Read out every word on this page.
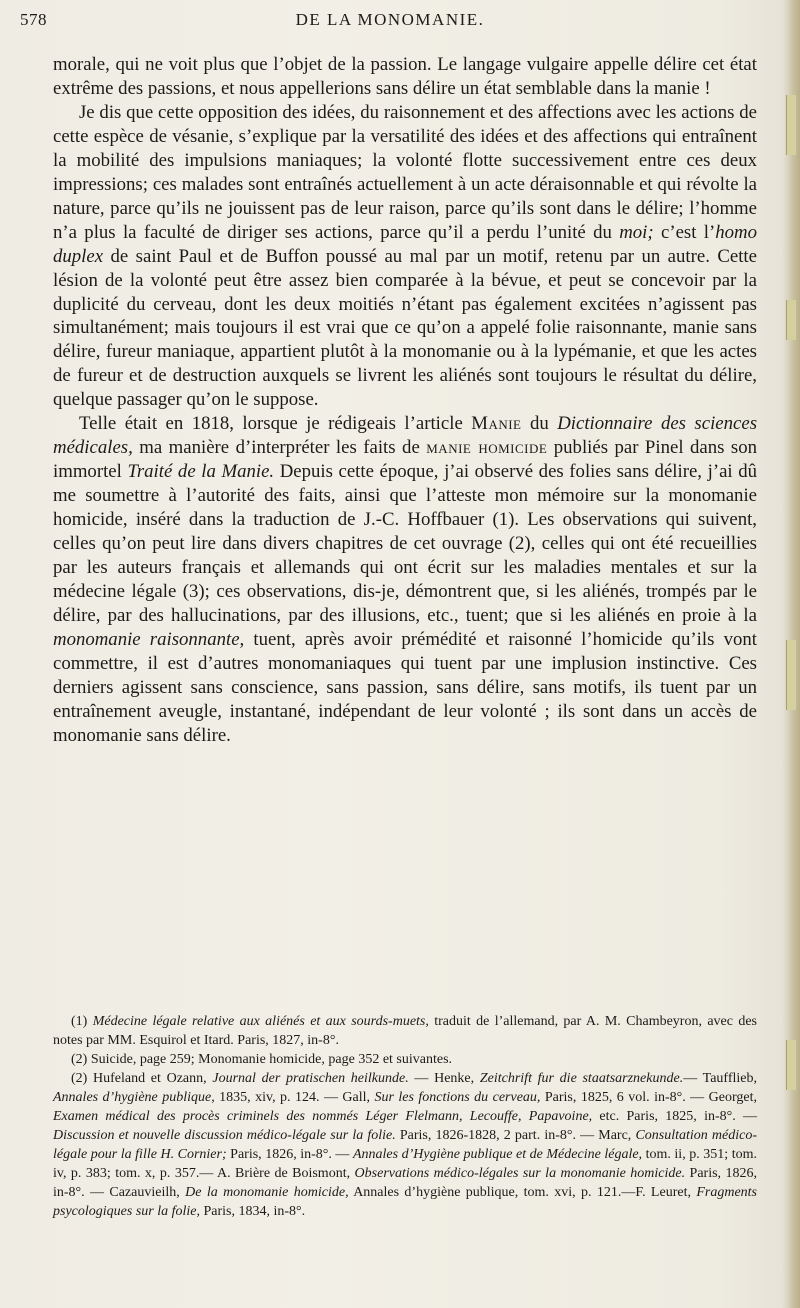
578	DE LA MONOMANIE.

morale, qui ne voit plus que l’objet de la passion. Le langage vulgaire appelle délire cet état extrême des passions, et nous appellerions sans délire un état semblable dans la manie !

Je dis que cette opposition des idées, du raisonnement et des affections avec les actions de cette espèce de vésanie, s’explique par la versatilité des idées et des affections qui entraînent la mobilité des impulsions maniaques; la volonté flotte successivement entre ces deux impressions; ces malades sont entraînés actuellement à un acte déraisonnable et qui révolte la nature, parce qu’ils ne jouissent pas de leur raison, parce qu’ils sont dans le délire; l’homme n’a plus la faculté de diriger ses actions, parce qu’il a perdu l’unité du moi; c’est l’homo duplex de saint Paul et de Buffon poussé au mal par un motif, retenu par un autre. Cette lésion de la volonté peut être assez bien comparée à la bévue, et peut se concevoir par la duplicité du cerveau, dont les deux moitiés n’étant pas également excitées n’agissent pas simultanément; mais toujours il est vrai que ce qu’on a appelé folie raisonnante, manie sans délire, fureur maniaque, appartient plutôt à la monomanie ou à la lypémanie, et que les actes de fureur et de destruction auxquels se livrent les aliénés sont toujours le résultat du délire, quelque passager qu’on le suppose.

Telle était en 1818, lorsque je rédigeais l’article Manie du Dictionnaire des sciences médicales, ma manière d’interpréter les faits de manie homicide publiés par Pinel dans son immortel Traité de la Manie. Depuis cette époque, j’ai observé des folies sans délire, j’ai dû me soumettre à l’autorité des faits, ainsi que l’atteste mon mémoire sur la monomanie homicide, inséré dans la traduction de J.-C. Hoffbauer (1). Les observations qui suivent, celles qu’on peut lire dans divers chapitres de cet ouvrage (2), celles qui ont été recueillies par les auteurs français et allemands qui ont écrit sur les maladies mentales et sur la médecine légale (3); ces observations, dis-je, démontrent que, si les aliénés, trompés par le délire, par des hallucinations, par des illusions, etc., tuent; que si les aliénés en proie à la monomanie raisonnante, tuent, après avoir prémédité et raisonné l’homicide qu’ils vont commettre, il est d’autres monomaniaques qui tuent par une implusion instinctive. Ces derniers agissent sans conscience, sans passion, sans délire, sans motifs, ils tuent par un entraînement aveugle, instantané, indépendant de leur volonté ; ils sont dans un accès de monomanie sans délire.

(1) Médecine légale relative aux aliénés et aux sourds-muets, traduit de l’allemand, par A. M. Chambeyron, avec des notes par MM. Esquirol et Itard. Paris, 1827, in-8°.

(2) Suicide, page 259; Monomanie homicide, page 352 et suivantes.

(2) Hufeland et Ozann, Journal der pratischen heilkunde. — Henke, Zeitchrift fur die staatsarznekunde.— Taufflieb, Annales d’hygiène publique, 1835, xiv, p. 124. — Gall, Sur les fonctions du cerveau, Paris, 1825, 6 vol. in-8°. — Georget, Examen médical des procès criminels des nommés Léger Flelmann, Lecouffe, Papavoine, etc. Paris, 1825, in-8°. — Discussion et nouvelle discussion médico-légale sur la folie. Paris, 1826-1828, 2 part. in-8°. — Marc, Consultation médico-légale pour la fille H. Cornier; Paris, 1826, in-8°. — Annales d’Hygiène publique et de Médecine légale, tom. ii, p. 351; tom. iv, p. 383; tom. x, p. 357.— A. Brière de Boismont, Observations médico-légales sur la monomanie homicide. Paris, 1826, in-8°. — Cazauvieilh, De la monomanie homicide, Annales d’hygiène publique, tom. xvi, p. 121.—F. Leuret, Fragments psycologiques sur la folie, Paris, 1834, in-8°.
